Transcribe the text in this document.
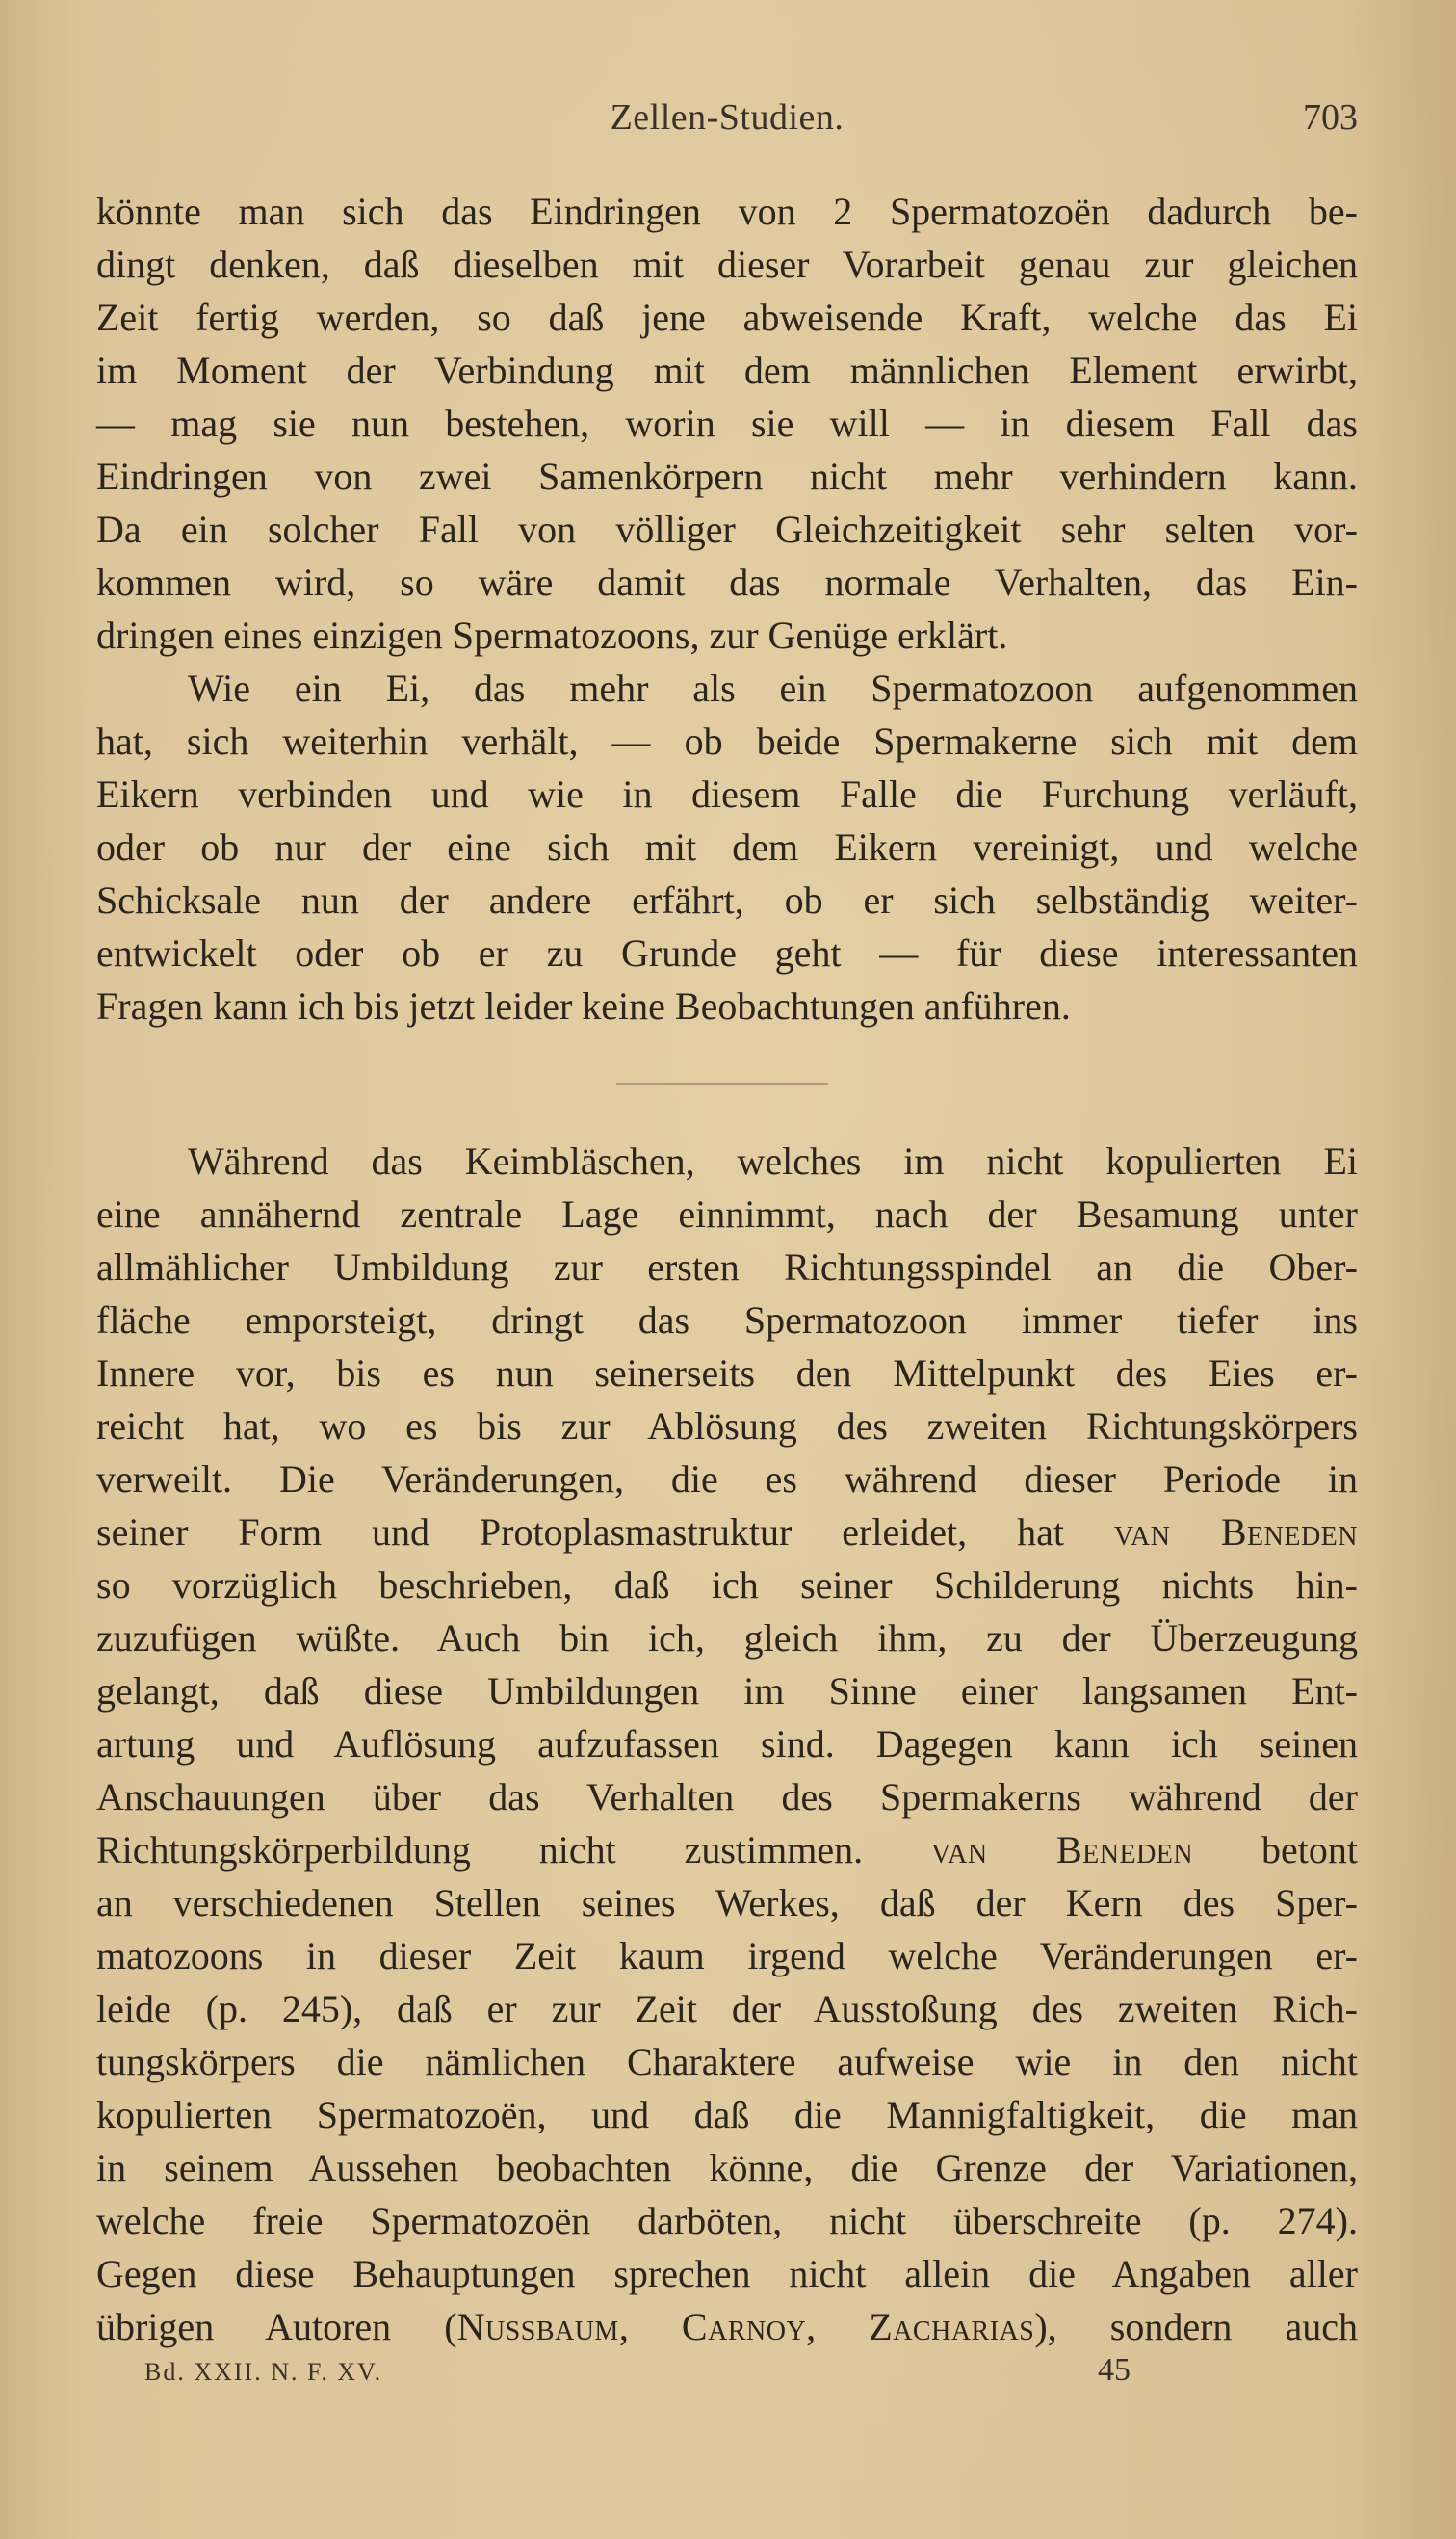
Zellen-Studien.	703
könnte man sich das Eindringen von 2 Spermatozoën dadurch be-
dingt denken, daß dieselben mit dieser Vorarbeit genau zur gleichen
Zeit fertig werden, so daß jene abweisende Kraft, welche das Ei
im Moment der Verbindung mit dem männlichen Element erwirbt,
— mag sie nun bestehen, worin sie will — in diesem Fall das
Eindringen von zwei Samenkörpern nicht mehr verhindern kann.
Da ein solcher Fall von völliger Gleichzeitigkeit sehr selten vor-
kommen wird, so wäre damit das normale Verhalten, das Ein-
dringen eines einzigen Spermatozoons, zur Genüge erklärt.
Wie ein Ei, das mehr als ein Spermatozoon aufgenommen
hat, sich weiterhin verhält, — ob beide Spermakerne sich mit dem
Eikern verbinden und wie in diesem Falle die Furchung verläuft,
oder ob nur der eine sich mit dem Eikern vereinigt, und welche
Schicksale nun der andere erfährt, ob er sich selbständig weiter-
entwickelt oder ob er zu Grunde geht — für diese interessanten
Fragen kann ich bis jetzt leider keine Beobachtungen anführen.
Während das Keimbläschen, welches im nicht kopulierten Ei
eine annähernd zentrale Lage einnimmt, nach der Besamung unter
allmählicher Umbildung zur ersten Richtungsspindel an die Ober-
fläche emporsteigt, dringt das Spermatozoon immer tiefer ins
Innere vor, bis es nun seinerseits den Mittelpunkt des Eies er-
reicht hat, wo es bis zur Ablösung des zweiten Richtungskörpers
verweilt. Die Veränderungen, die es während dieser Periode in
seiner Form und Protoplasmastruktur erleidet, hat van Beneden
so vorzüglich beschrieben, daß ich seiner Schilderung nichts hin-
zuzufügen wüßte. Auch bin ich, gleich ihm, zu der Überzeugung
gelangt, daß diese Umbildungen im Sinne einer langsamen Ent-
artung und Auflösung aufzufassen sind. Dagegen kann ich seinen
Anschauungen über das Verhalten des Spermakerns während der
Richtungskörperbildung nicht zustimmen. van Beneden betont
an verschiedenen Stellen seines Werkes, daß der Kern des Sper-
matozoons in dieser Zeit kaum irgend welche Veränderungen er-
leide (p. 245), daß er zur Zeit der Ausstoßung des zweiten Rich-
tungskörpers die nämlichen Charaktere aufweise wie in den nicht
kopulierten Spermatozoën, und daß die Mannigfaltigkeit, die man
in seinem Aussehen beobachten könne, die Grenze der Variationen,
welche freie Spermatozoën darböten, nicht überschreite (p. 274).
Gegen diese Behauptungen sprechen nicht allein die Angaben aller
übrigen Autoren (Nussbaum, Carnoy, Zacharias), sondern auch
Bd. XXII. N. F. XV.	45
